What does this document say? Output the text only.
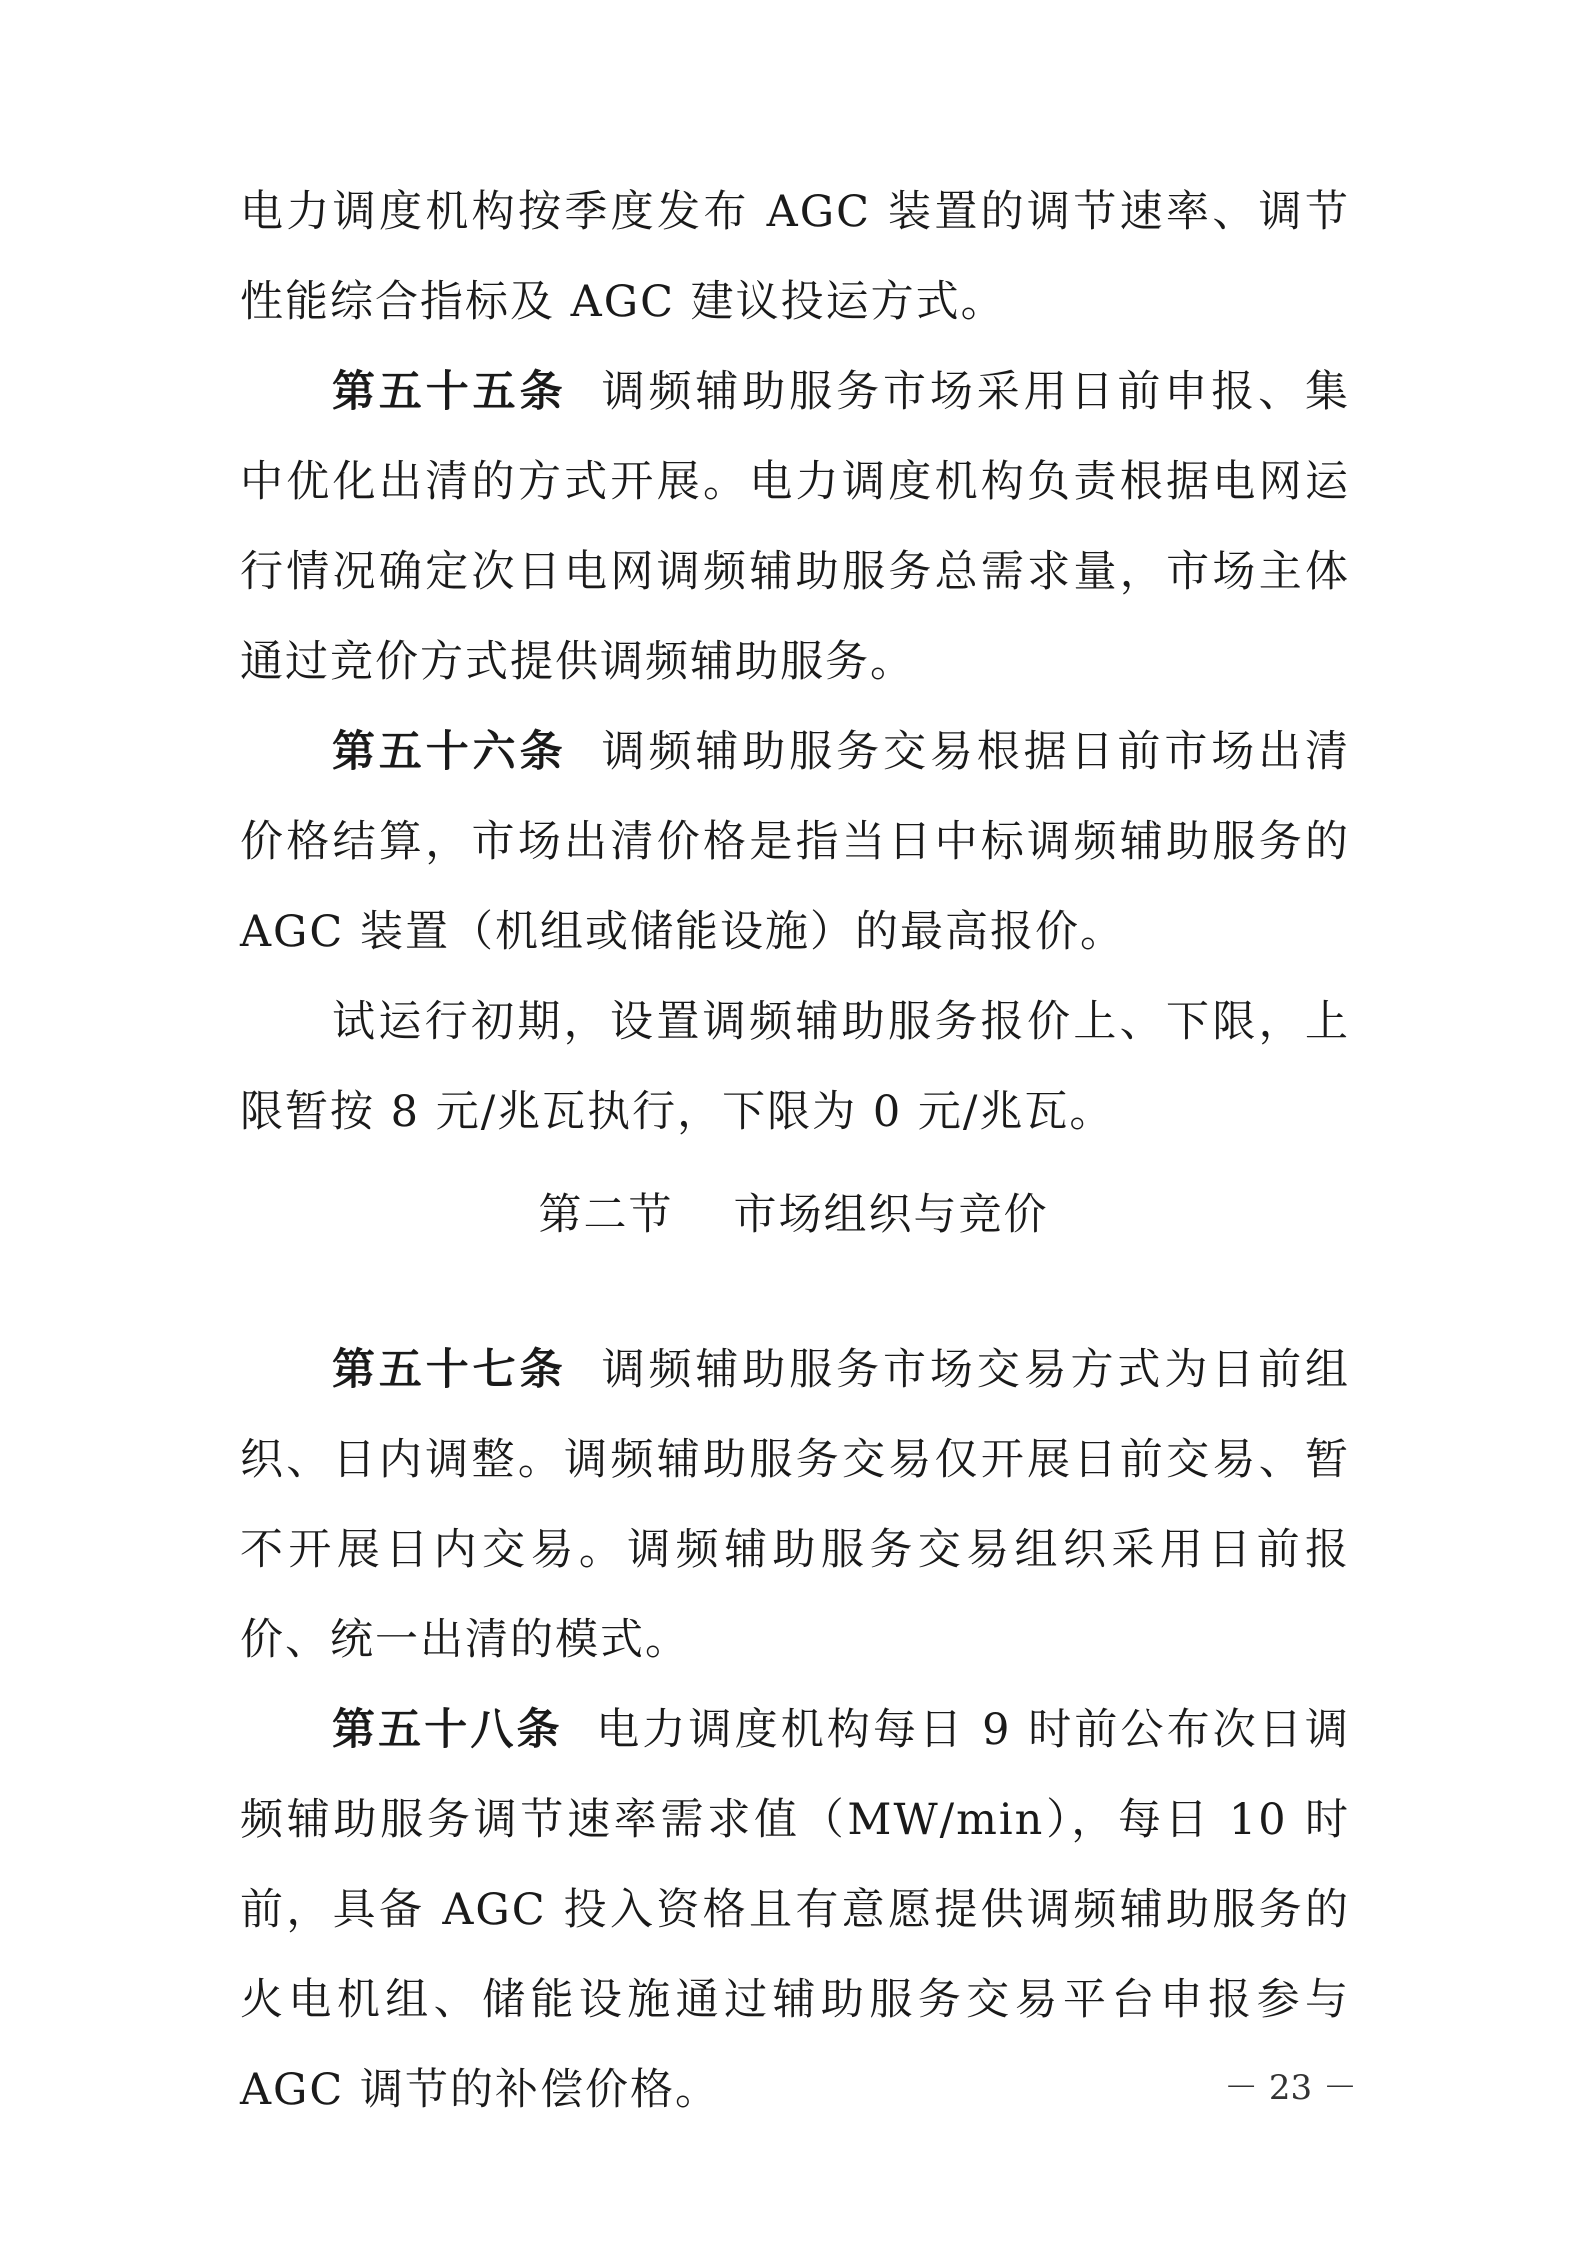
电力调度机构按季度发布 AGC 装置的调节速率、调节性能综合指标及 AGC 建议投运方式。

第五十五条 调频辅助服务市场采用日前申报、集中优化出清的方式开展。电力调度机构负责根据电网运行情况确定次日电网调频辅助服务总需求量，市场主体通过竞价方式提供调频辅助服务。

第五十六条 调频辅助服务交易根据日前市场出清价格结算，市场出清价格是指当日中标调频辅助服务的 AGC 装置（机组或储能设施）的最高报价。

试运行初期，设置调频辅助服务报价上、下限，上限暂按 8 元/兆瓦执行，下限为 0 元/兆瓦。

第二节 市场组织与竞价

第五十七条 调频辅助服务市场交易方式为日前组织、日内调整。调频辅助服务交易仅开展日前交易、暂不开展日内交易。调频辅助服务交易组织采用日前报价、统一出清的模式。

第五十八条 电力调度机构每日 9 时前公布次日调频辅助服务调节速率需求值（MW/min），每日 10 时前，具备 AGC 投入资格且有意愿提供调频辅助服务的火电机组、储能设施通过辅助服务交易平台申报参与 AGC 调节的补偿价格。	－ 23 －
